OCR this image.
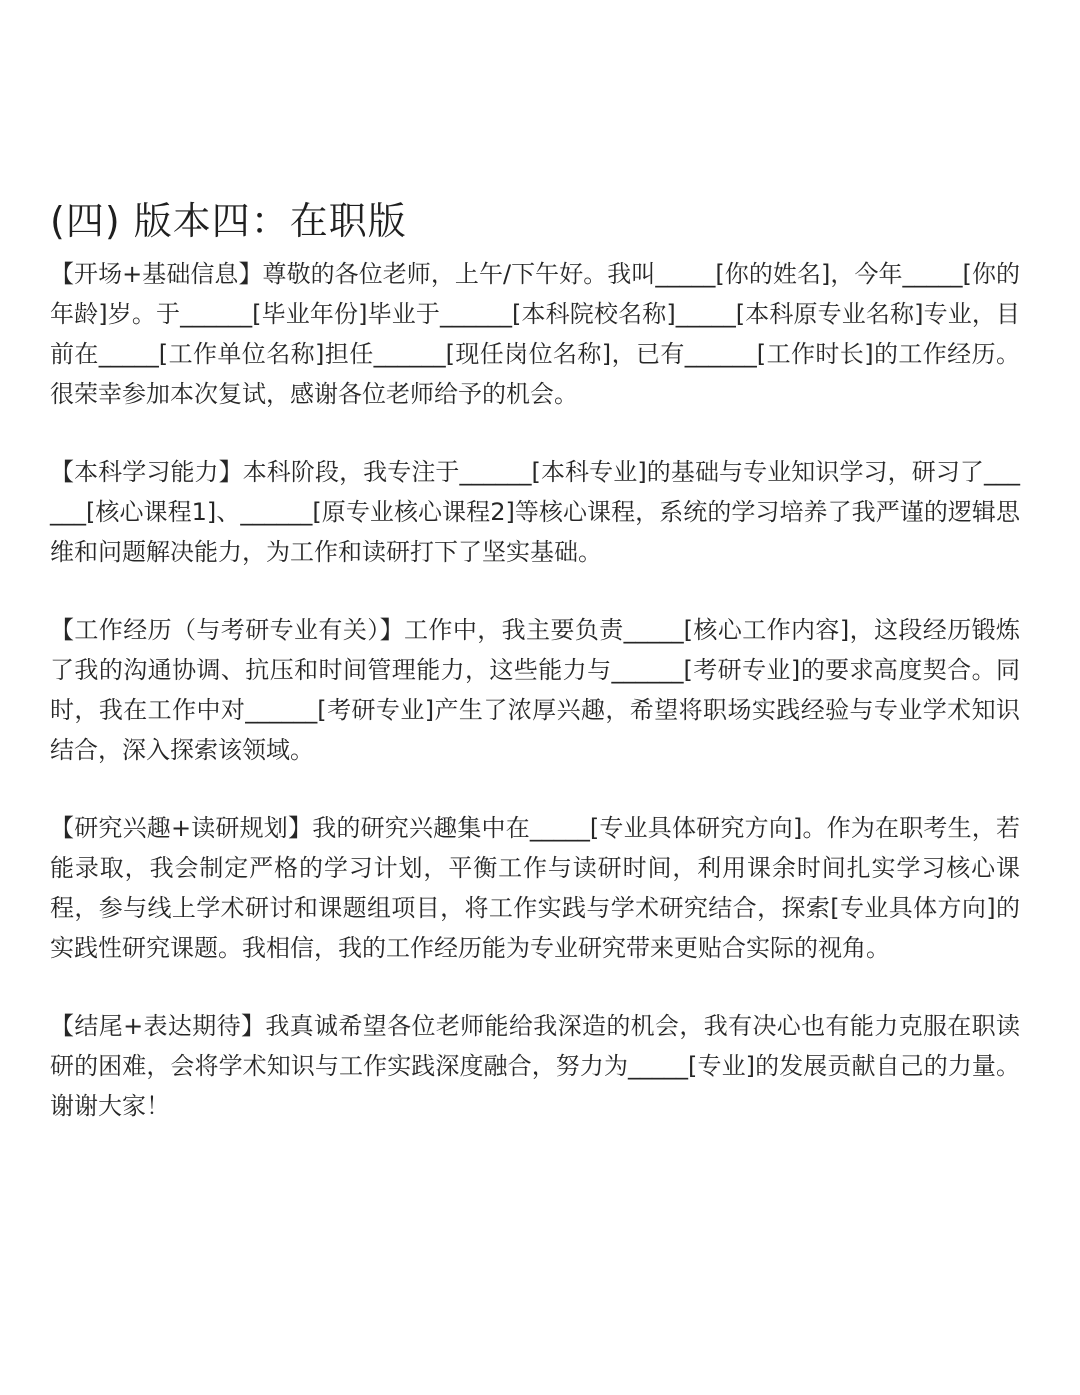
(四) 版本四：在职版

【开场+基础信息】尊敬的各位老师，上午/下午好。我叫_____[你的姓名]，今年_____[你的年龄]岁。于______[毕业年份]毕业于______[本科院校名称]_____[本科原专业名称]专业，目前在_____[工作单位名称]担任______[现任岗位名称]，已有______[工作时长]的工作经历。很荣幸参加本次复试，感谢各位老师给予的机会。

【本科学习能力】本科阶段，我专注于______[本科专业]的基础与专业知识学习，研习了______[核心课程1]、______[原专业核心课程2]等核心课程，系统的学习培养了我严谨的逻辑思维和问题解决能力，为工作和读研打下了坚实基础。

【工作经历（与考研专业有关）】工作中，我主要负责_____[核心工作内容]，这段经历锻炼了我的沟通协调、抗压和时间管理能力，这些能力与______[考研专业]的要求高度契合。同时，我在工作中对______[考研专业]产生了浓厚兴趣，希望将职场实践经验与专业学术知识结合，深入探索该领域。

【研究兴趣+读研规划】我的研究兴趣集中在_____[专业具体研究方向]。作为在职考生，若能录取，我会制定严格的学习计划，平衡工作与读研时间，利用课余时间扎实学习核心课程，参与线上学术研讨和课题组项目，将工作实践与学术研究结合，探索[专业具体方向]的实践性研究课题。我相信，我的工作经历能为专业研究带来更贴合实际的视角。

【结尾+表达期待】我真诚希望各位老师能给我深造的机会，我有决心也有能力克服在职读研的困难，会将学术知识与工作实践深度融合，努力为_____[专业]的发展贡献自己的力量。谢谢大家！
